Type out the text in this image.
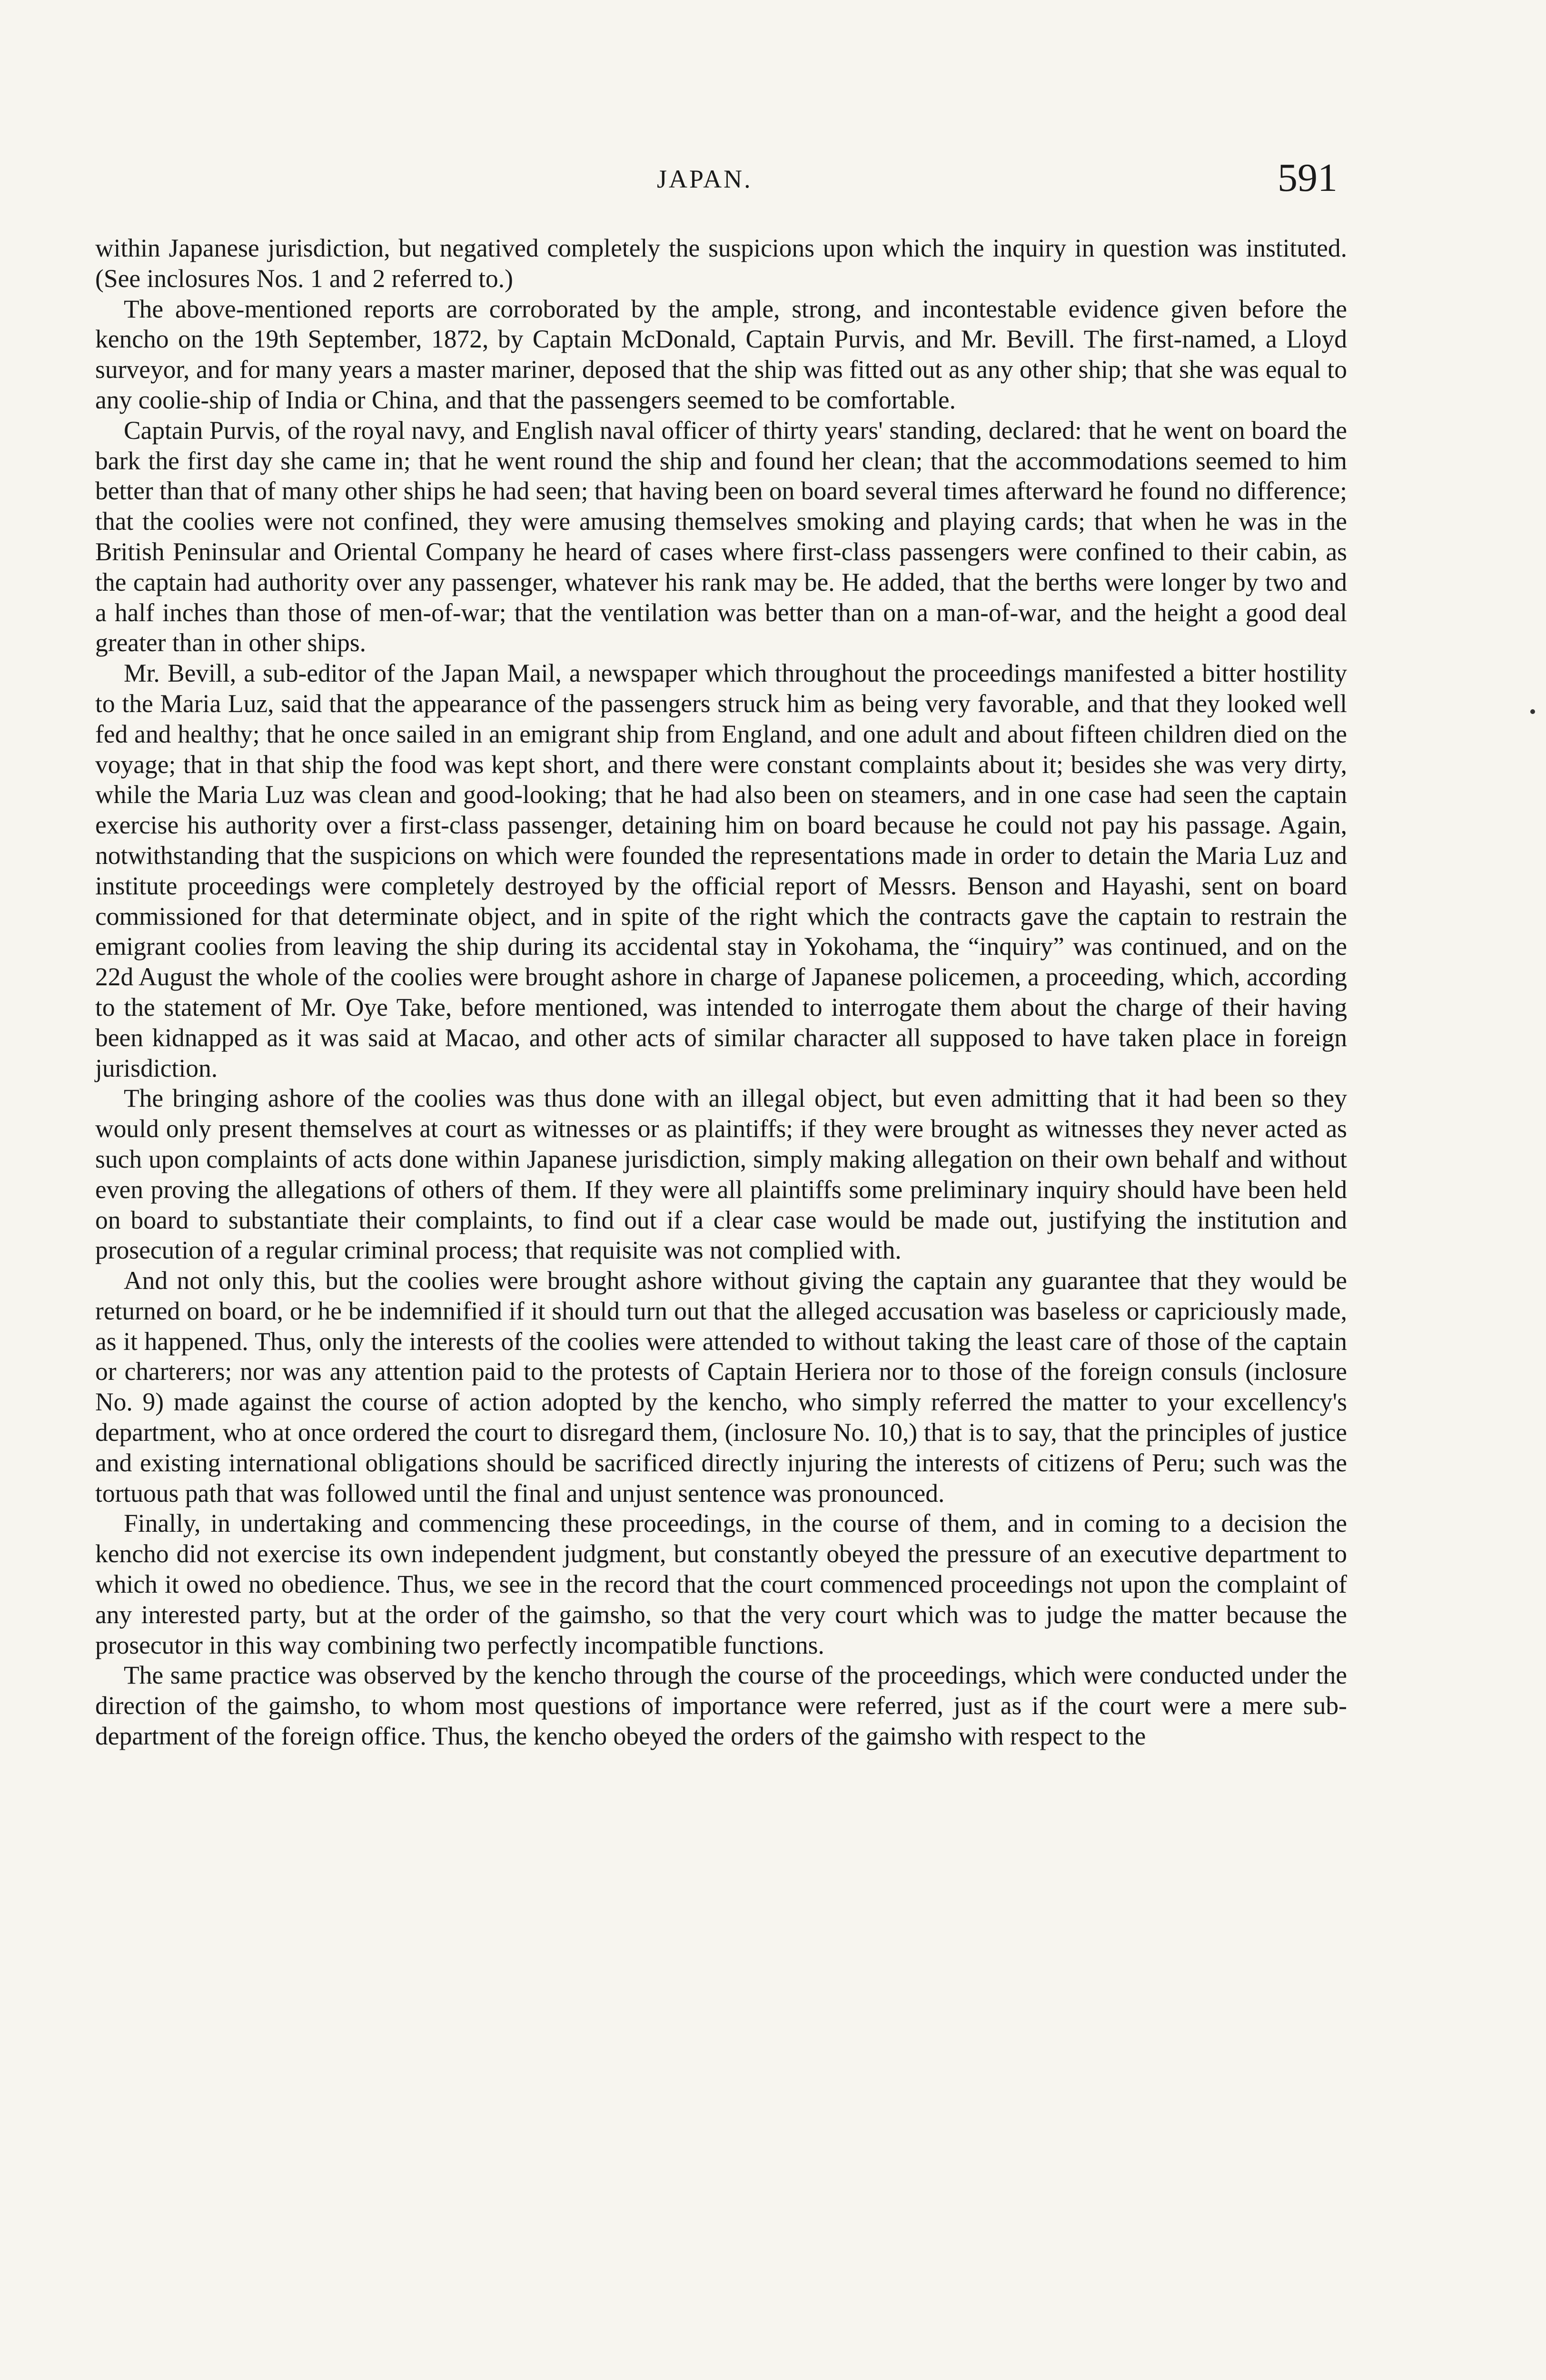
JAPAN.	591

within Japanese jurisdiction, but negatived completely the suspicions upon which the inquiry in question was instituted. (See inclosures Nos. 1 and 2 referred to.)

The above-mentioned reports are corroborated by the ample, strong, and incontestable evidence given before the kencho on the 19th September, 1872, by Captain McDonald, Captain Purvis, and Mr. Bevill. The first-named, a Lloyd surveyor, and for many years a master mariner, deposed that the ship was fitted out as any other ship; that she was equal to any coolie-ship of India or China, and that the passengers seemed to be comfortable.

Captain Purvis, of the royal navy, and English naval officer of thirty years' standing, declared: that he went on board the bark the first day she came in; that he went round the ship and found her clean; that the accommodations seemed to him better than that of many other ships he had seen; that having been on board several times afterward he found no difference; that the coolies were not confined, they were amusing themselves smoking and playing cards; that when he was in the British Peninsular and Oriental Company he heard of cases where first-class passengers were confined to their cabin, as the captain had authority over any passenger, whatever his rank may be. He added, that the berths were longer by two and a half inches than those of men-of-war; that the ventilation was better than on a man-of-war, and the height a good deal greater than in other ships.

Mr. Bevill, a sub-editor of the Japan Mail, a newspaper which throughout the proceedings manifested a bitter hostility to the Maria Luz, said that the appearance of the passengers struck him as being very favorable, and that they looked well fed and healthy; that he once sailed in an emigrant ship from England, and one adult and about fifteen children died on the voyage; that in that ship the food was kept short, and there were constant complaints about it; besides she was very dirty, while the Maria Luz was clean and good-looking; that he had also been on steamers, and in one case had seen the captain exercise his authority over a first-class passenger, detaining him on board because he could not pay his passage. Again, notwithstanding that the suspicions on which were founded the representations made in order to detain the Maria Luz and institute proceedings were completely destroyed by the official report of Messrs. Benson and Hayashi, sent on board commissioned for that determinate object, and in spite of the right which the contracts gave the captain to restrain the emigrant coolies from leaving the ship during its accidental stay in Yokohama, the “inquiry” was continued, and on the 22d August the whole of the coolies were brought ashore in charge of Japanese policemen, a proceeding, which, according to the statement of Mr. Oye Take, before mentioned, was intended to interrogate them about the charge of their having been kidnapped as it was said at Macao, and other acts of similar character all supposed to have taken place in foreign jurisdiction.

The bringing ashore of the coolies was thus done with an illegal object, but even admitting that it had been so they would only present themselves at court as witnesses or as plaintiffs; if they were brought as witnesses they never acted as such upon complaints of acts done within Japanese jurisdiction, simply making allegation on their own behalf and without even proving the allegations of others of them. If they were all plaintiffs some preliminary inquiry should have been held on board to substantiate their complaints, to find out if a clear case would be made out, justifying the institution and prosecution of a regular criminal process; that requisite was not complied with.

And not only this, but the coolies were brought ashore without giving the captain any guarantee that they would be returned on board, or he be indemnified if it should turn out that the alleged accusation was baseless or capriciously made, as it happened. Thus, only the interests of the coolies were attended to without taking the least care of those of the captain or charterers; nor was any attention paid to the protests of Captain Heriera nor to those of the foreign consuls (inclosure No. 9) made against the course of action adopted by the kencho, who simply referred the matter to your excellency's department, who at once ordered the court to disregard them, (inclosure No. 10,) that is to say, that the principles of justice and existing international obligations should be sacrificed directly injuring the interests of citizens of Peru; such was the tortuous path that was followed until the final and unjust sentence was pronounced.

Finally, in undertaking and commencing these proceedings, in the course of them, and in coming to a decision the kencho did not exercise its own independent judgment, but constantly obeyed the pressure of an executive department to which it owed no obedience. Thus, we see in the record that the court commenced proceedings not upon the complaint of any interested party, but at the order of the gaimsho, so that the very court which was to judge the matter because the prosecutor in this way combining two perfectly incompatible functions.

The same practice was observed by the kencho through the course of the proceedings, which were conducted under the direction of the gaimsho, to whom most questions of importance were referred, just as if the court were a mere sub-department of the foreign office. Thus, the kencho obeyed the orders of the gaimsho with respect to the
